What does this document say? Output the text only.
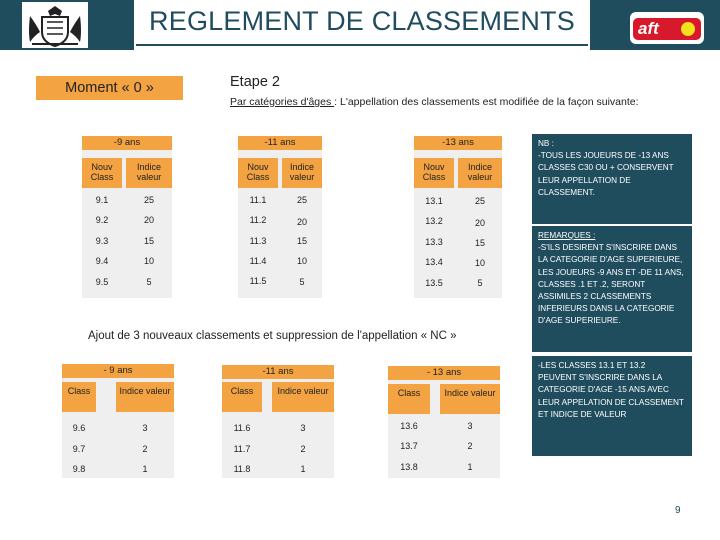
REGLEMENT DE CLASSEMENTS	aft
Moment « 0 »	Etape 2
Par catégories d'âges : L'appellation des classements est modifiée de la façon suivante:
-9 ans	-11 ans	-13 ans
Nouv Class
Indice valeur
Nouv Class
Indice valeur
Nouv Class
Indice valeur
9.1	25
9.2	20
9.3	15
9.4	10
9.5	5
11.1	25
11.2	20
11.3	15
11.4	10
11.5	5
13.1	25
13.2	20
13.3	15
13.4	10
13.5	5
Ajout de 3 nouveaux classements et suppression de l'appellation « NC »
- 9 ans	-11 ans	- 13 ans
Class	Indice valeur	Class	Indice valeur	Class	Indice valeur
9.6	3
9.7	2
9.8	1
11.6	3
11.7	2
11.8	1
13.6	3
13.7	2
13.8	1
NB :
-TOUS LES JOUEURS DE -13 ANS CLASSES C30 OU + CONSERVENT LEUR APPELLATION DE CLASSEMENT.
REMARQUES :
-S'ILS DESIRENT S'INSCRIRE DANS LA CATEGORIE D'AGE SUPERIEURE, LES JOUEURS -9 ANS ET -DE 11 ANS, CLASSES .1 ET .2, SERONT ASSIMILES 2 CLASSEMENTS INFERIEURS DANS LA CATEGORIE D'AGE SUPERIEURE.
-LES CLASSES 13.1 ET 13.2 PEUVENT S'INSCRIRE DANS LA CATEGORIE D'AGE -15 ANS AVEC LEUR APPELATION DE CLASSEMENT ET INDICE DE VALEUR
9
